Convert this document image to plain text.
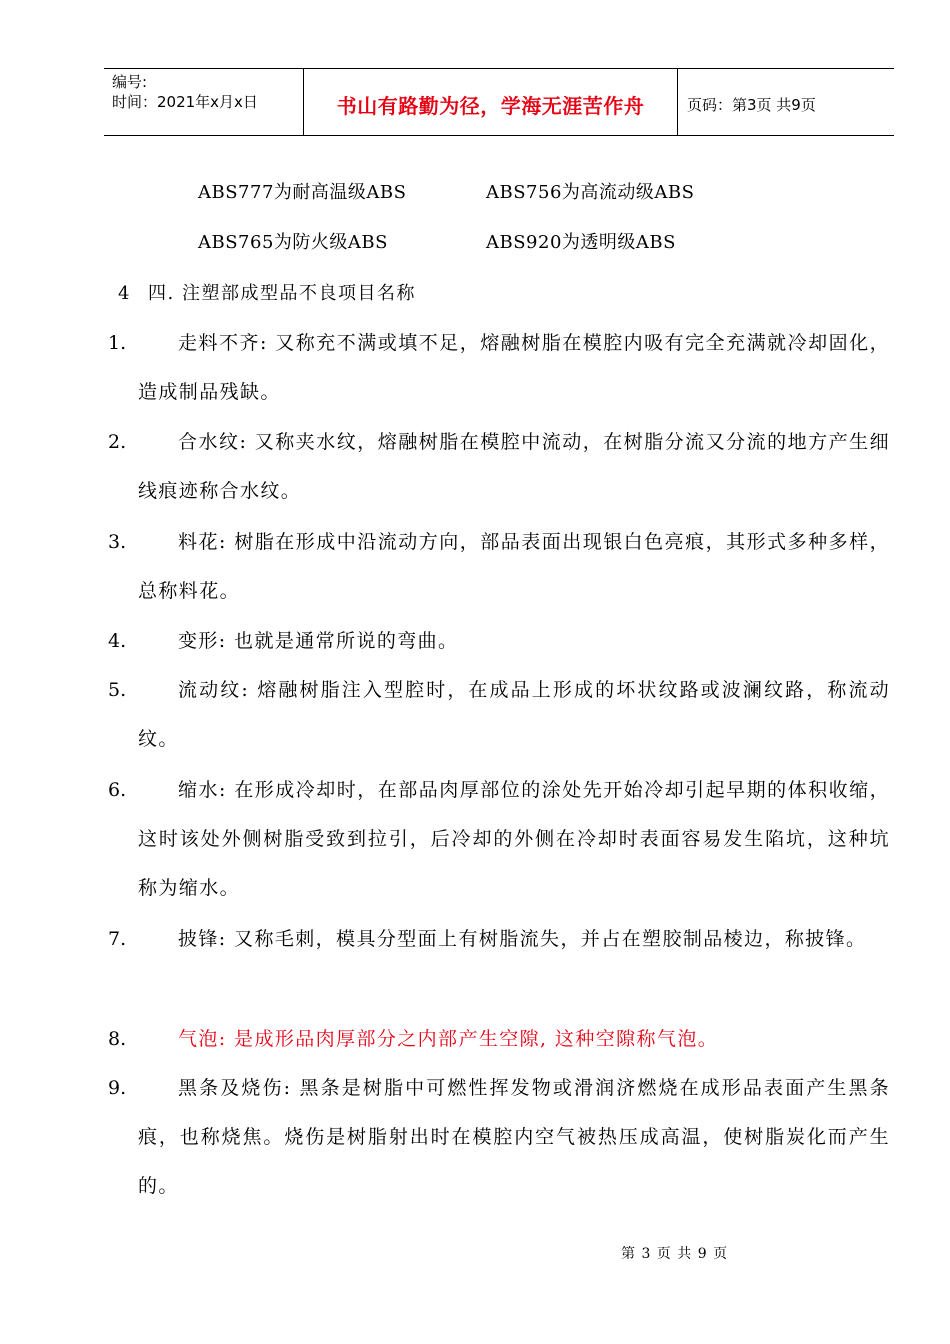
编号:
时间：2021年x月x日	书山有路勤为径，学海无涯苦作舟	页码：第3页 共9页
ABS777为耐高温级ABS	ABS756为高流动级ABS
ABS765为防火级ABS	ABS920为透明级ABS
4 四. 注塑部成型品不良项目名称
1.	走料不齐: 又称充不满或填不足，熔融树脂在模腔内吸有完全充满就冷却固化，造成制品残缺。
2.	合水纹: 又称夹水纹，熔融树脂在模腔中流动，在树脂分流又分流的地方产生细线痕迹称合水纹。
3.	料花: 树脂在形成中沿流动方向，部品表面出现银白色亮痕，其形式多种多样，总称料花。
4.	变形: 也就是通常所说的弯曲。
5.	流动纹: 熔融树脂注入型腔时，在成品上形成的坏状纹路或波澜纹路，称流动纹。
6.	缩水: 在形成冷却时，在部品肉厚部位的涂处先开始冷却引起早期的体积收缩，这时该处外侧树脂受致到拉引，后冷却的外侧在冷却时表面容易发生陷坑，这种坑称为缩水。
7.	披锋: 又称毛刺，模具分型面上有树脂流失，并占在塑胶制品棱边，称披锋。
8.	气泡: 是成形品肉厚部分之内部产生空隙, 这种空隙称气泡。
9.	黑条及烧伤: 黑条是树脂中可燃性挥发物或滑润济燃烧在成形品表面产生黑条痕，也称烧焦。烧伤是树脂射出时在模腔内空气被热压成高温，使树脂炭化而产生的。
第 3 页 共 9 页
